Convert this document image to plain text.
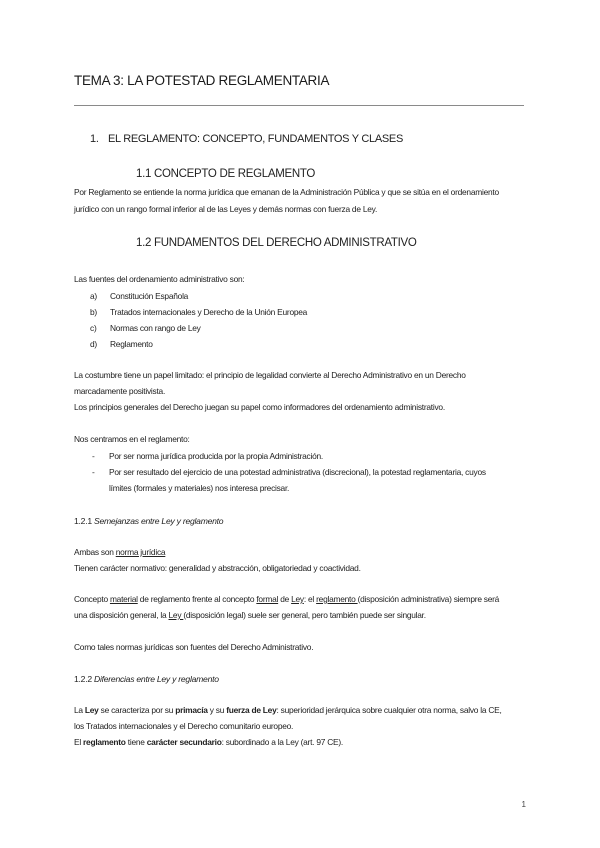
TEMA 3: LA POTESTAD REGLAMENTARIA
1. EL REGLAMENTO: CONCEPTO, FUNDAMENTOS Y CLASES
1.1 CONCEPTO DE REGLAMENTO
Por Reglamento se entiende la norma jurídica que emanan de la Administración Pública y que se sitúa en el ordenamiento
jurídico con un rango formal inferior al de las Leyes y demás normas con fuerza de Ley.
1.2 FUNDAMENTOS DEL DERECHO ADMINISTRATIVO
Las fuentes del ordenamiento administrativo son:
a) Constitución Española
b) Tratados internacionales y Derecho de la Unión Europea
c) Normas con rango de Ley
d) Reglamento
La costumbre tiene un papel limitado: el principio de legalidad convierte al Derecho Administrativo en un Derecho
marcadamente positivista.
Los principios generales del Derecho juegan su papel como informadores del ordenamiento administrativo.
Nos centramos en el reglamento:
- Por ser norma jurídica producida por la propia Administración.
- Por ser resultado del ejercicio de una potestad administrativa (discrecional), la potestad reglamentaria, cuyos
límites (formales y materiales) nos interesa precisar.
1.2.1 Semejanzas entre Ley y reglamento
Ambas son norma jurídica
Tienen carácter normativo: generalidad y abstracción, obligatoriedad y coactividad.
Concepto material de reglamento frente al concepto formal de Ley: el reglamento (disposición administrativa) siempre será
una disposición general, la Ley (disposición legal) suele ser general, pero también puede ser singular.
Como tales normas jurídicas son fuentes del Derecho Administrativo.
1.2.2 Diferencias entre Ley y reglamento
La Ley se caracteriza por su primacía y su fuerza de Ley: superioridad jerárquica sobre cualquier otra norma, salvo la CE,
los Tratados internacionales y el Derecho comunitario europeo.
El reglamento tiene carácter secundario: subordinado a la Ley (art. 97 CE).
1
